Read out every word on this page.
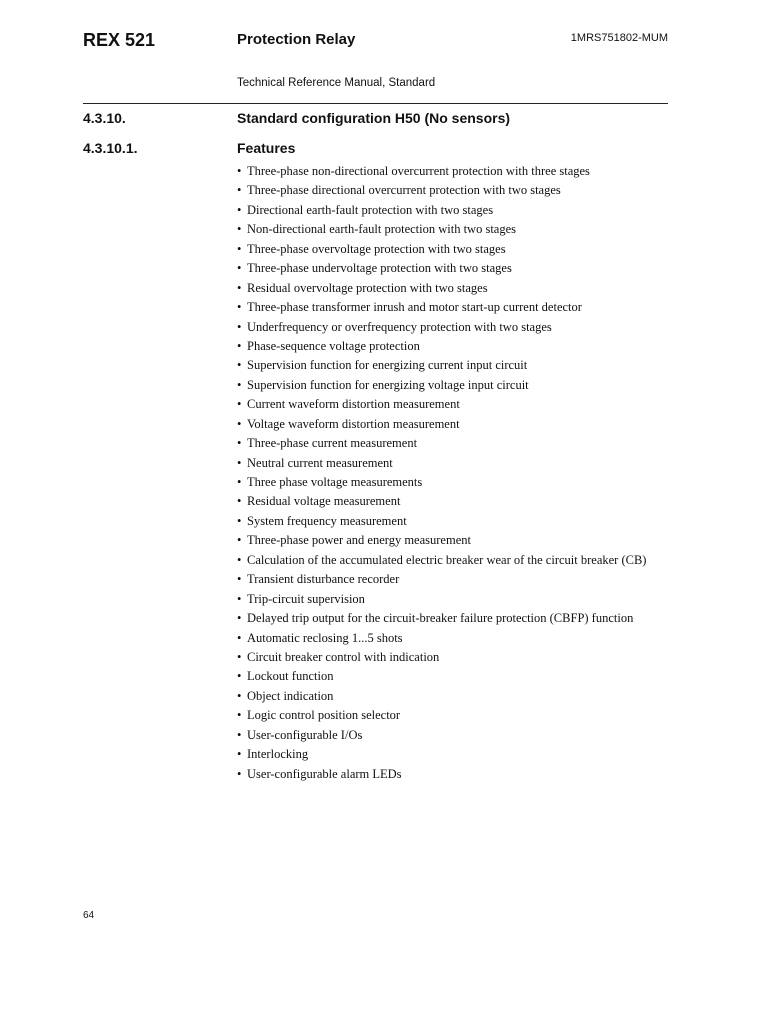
REX 521	Protection Relay	1MRS751802-MUM
Technical Reference Manual, Standard
4.3.10.	Standard configuration H50 (No sensors)
4.3.10.1.	Features
• Three-phase non-directional overcurrent protection with three stages
• Three-phase directional overcurrent protection with two stages
• Directional earth-fault protection with two stages
• Non-directional earth-fault protection with two stages
• Three-phase overvoltage protection with two stages
• Three-phase undervoltage protection with two stages
• Residual overvoltage protection with two stages
• Three-phase transformer inrush and motor start-up current detector
• Underfrequency or overfrequency protection with two stages
• Phase-sequence voltage protection
• Supervision function for energizing current input circuit
• Supervision function for energizing voltage input circuit
• Current waveform distortion measurement
• Voltage waveform distortion measurement
• Three-phase current measurement
• Neutral current measurement
• Three phase voltage measurements
• Residual voltage measurement
• System frequency measurement
• Three-phase power and energy measurement
• Calculation of the accumulated electric breaker wear of the circuit breaker (CB)
• Transient disturbance recorder
• Trip-circuit supervision
• Delayed trip output for the circuit-breaker failure protection (CBFP) function
• Automatic reclosing 1...5 shots
• Circuit breaker control with indication
• Lockout function
• Object indication
• Logic control position selector
• User-configurable I/Os
• Interlocking
• User-configurable alarm LEDs
64
